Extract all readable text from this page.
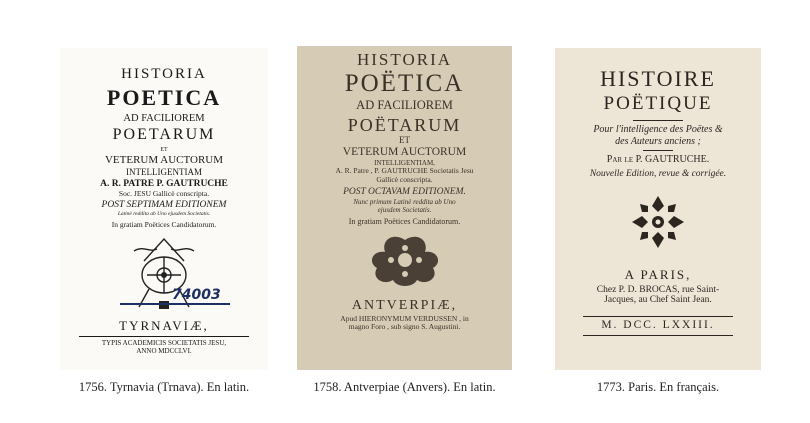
HISTORIA
POETICA
AD FACILIOREM
POETARUM
ET
VETERUM AUCTORUM
INTELLIGENTIAM
A. R. PATRE P. GAUTRUCHE
Soc. JESU Gallicè conscripta.
POST SEPTIMAM EDITIONEM
Latinè reddita ab Uno ejusdem Societatis.
In gratiam Poëtices Candidatorum.
74003
TYRNAVIÆ,
TYPIS ACADEMICIS SOCIETATIS JESU,
ANNO MDCCLVI.
1756. Tyrnavia (Trnava). En latin.
HISTORIA
POËTICA
AD FACILIOREM
POËTARUM
ET
VETERUM AUCTORUM
INTELLIGENTIAM,
A. R. Patre , P. GAUTRUCHE Societatis Jesu
Gallicè conscripta.
POST OCTAVAM EDITIONEM.
Nunc primum Latinè reddita ab Uno
ejusdem Societatis.
In gratiam Poëtices Candidatorum.
ANTVERPIÆ,
Apud HIERONYMUM VERDUSSEN , in
magno Foro , sub signo S. Augustini.
1758. Antverpiae (Anvers). En latin.
HISTOIRE
POËTIQUE
Pour l'intelligence des Poëtes &
des Auteurs anciens ;
Par le P. GAUTRUCHE.
Nouvelle Edition, revue & corrigée.
A PARIS,
Chez P. D. BROCAS, rue Saint-
Jacques, au Chef Saint Jean.
M. DCC. LXXIII.
1773. Paris. En français.
